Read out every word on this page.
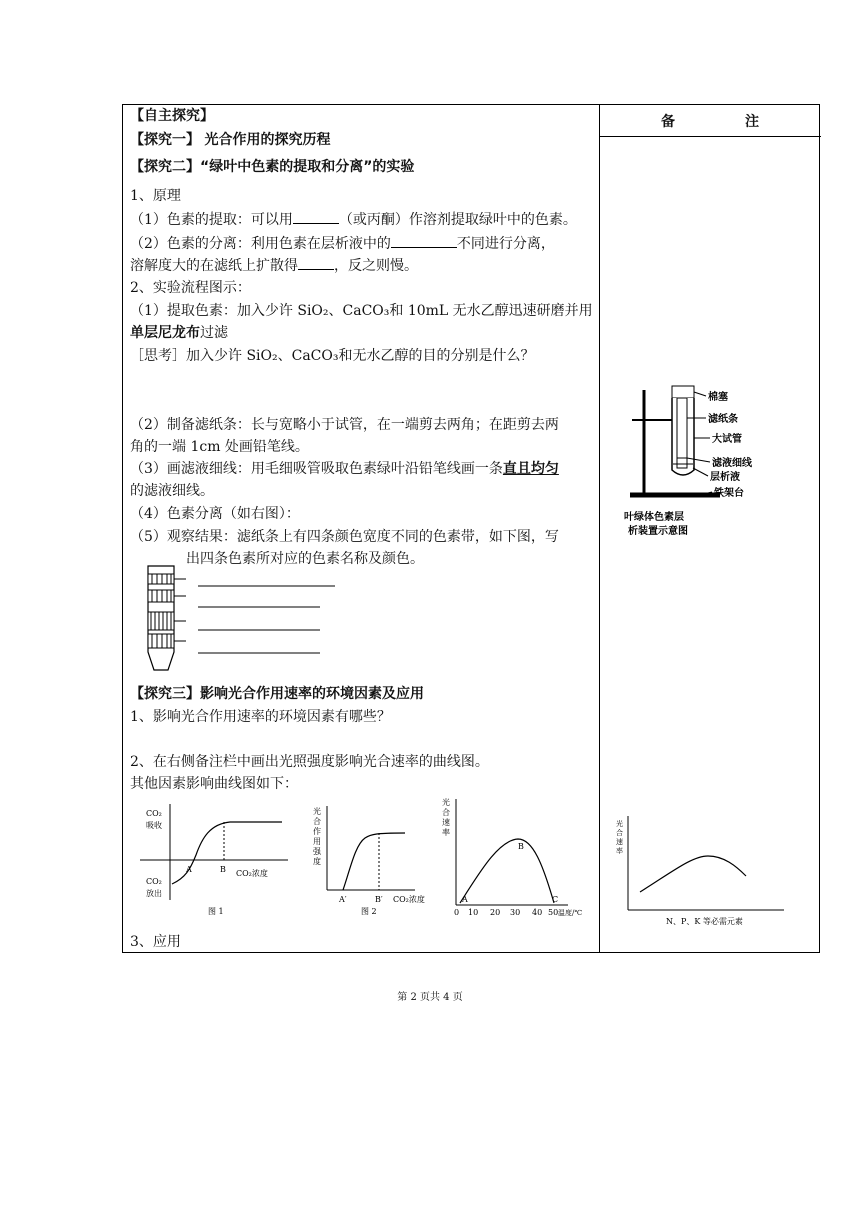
备　注
【自主探究】
【探究一】 光合作用的探究历程
【探究二】“绿叶中色素的提取和分离”的实验
1、原理
（1）色素的提取：可以用	（或丙酮）作溶剂提取绿叶中的色素。
（2）色素的分离：利用色素在层析液中的	不同进行分离，
溶解度大的在滤纸上扩散得	，反之则慢。
2、实验流程图示：
（1）提取色素：加入少许 SiO₂、CaCO₃和 10mL 无水乙醇迅速研磨并用
单层尼龙布过滤
［思考］加入少许 SiO₂、CaCO₃和无水乙醇的目的分别是什么？
（2）制备滤纸条：长与宽略小于试管，在一端剪去两角；在距剪去两
角的一端 1cm 处画铅笔线。
（3）画滤液细线：用毛细吸管吸取色素绿叶沿铅笔线画一条直且均匀
的滤液细线。
（4）色素分离（如右图）：
（5）观察结果：滤纸条上有四条颜色宽度不同的色素带，如下图，写
出四条色素所对应的色素名称及颜色。
【探究三】影响光合作用速率的环境因素及应用
1、影响光合作用速率的环境因素有哪些？
2、在右侧备注栏中画出光照强度影响光合速率的曲线图。
其他因素影响曲线图如下：
3、应用
CO₂
吸收
CO₂
放出
A	B CO₂浓度
图 1
光合作用强度
A′	B′ CO₂浓度
图 2
光合速率
A
B
C
0 10 20 30 40 50 温度/℃
棉塞
滤纸条
大试管
滤液细线
层析液
铁架台
叶绿体色素层
析装置示意图
光合速率
N、P、K 等必需元素
第 2 页共 4 页
